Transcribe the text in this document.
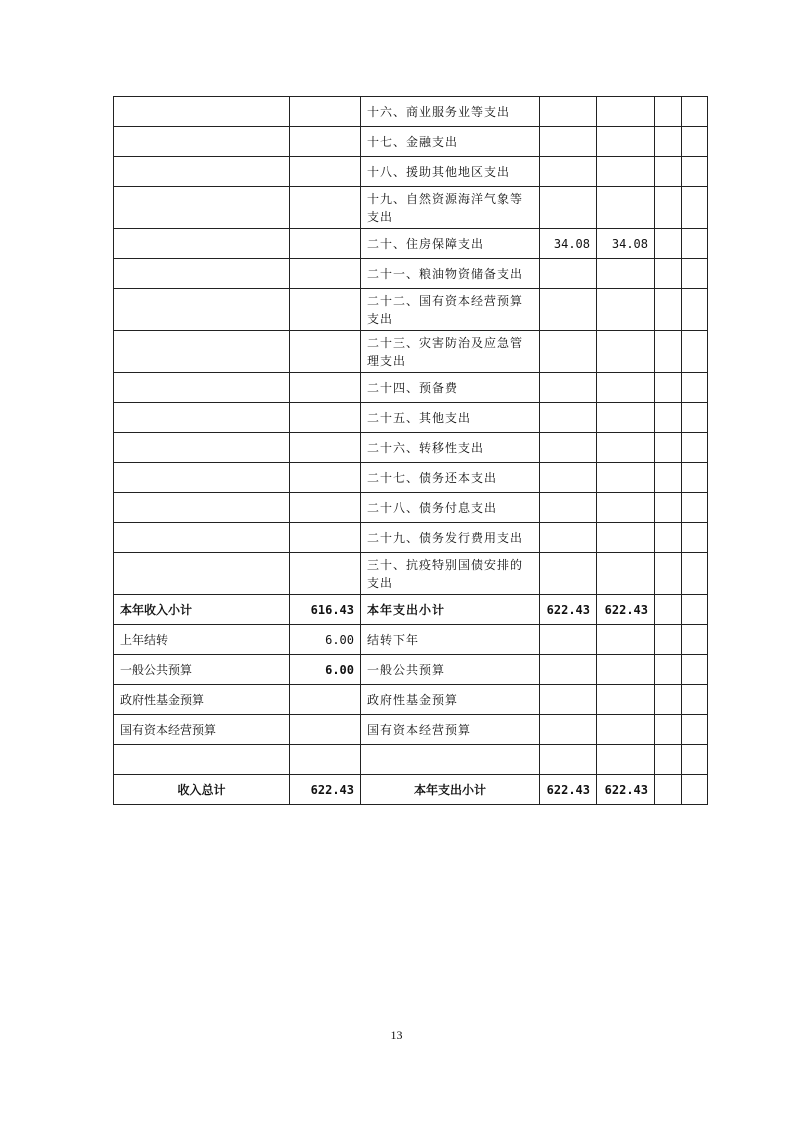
		十六、商业服务业等支出				
		十七、金融支出				
		十八、援助其他地区支出				
		十九、自然资源海洋气象等支出				
		二十、住房保障支出	34.08	34.08		
		二十一、粮油物资储备支出				
		二十二、国有资本经营预算支出				
		二十三、灾害防治及应急管理支出				
		二十四、预备费				
		二十五、其他支出				
		二十六、转移性支出				
		二十七、债务还本支出				
		二十八、债务付息支出				
		二十九、债务发行费用支出				
		三十、抗疫特别国债安排的支出				
本年收入小计	616.43	本年支出小计	622.43	622.43		
上年结转	6.00	结转下年				
一般公共预算	6.00	一般公共预算				
政府性基金预算		政府性基金预算				
国有资本经营预算		国有资本经营预算				

收入总计	622.43	本年支出小计	622.43	622.43		
13
